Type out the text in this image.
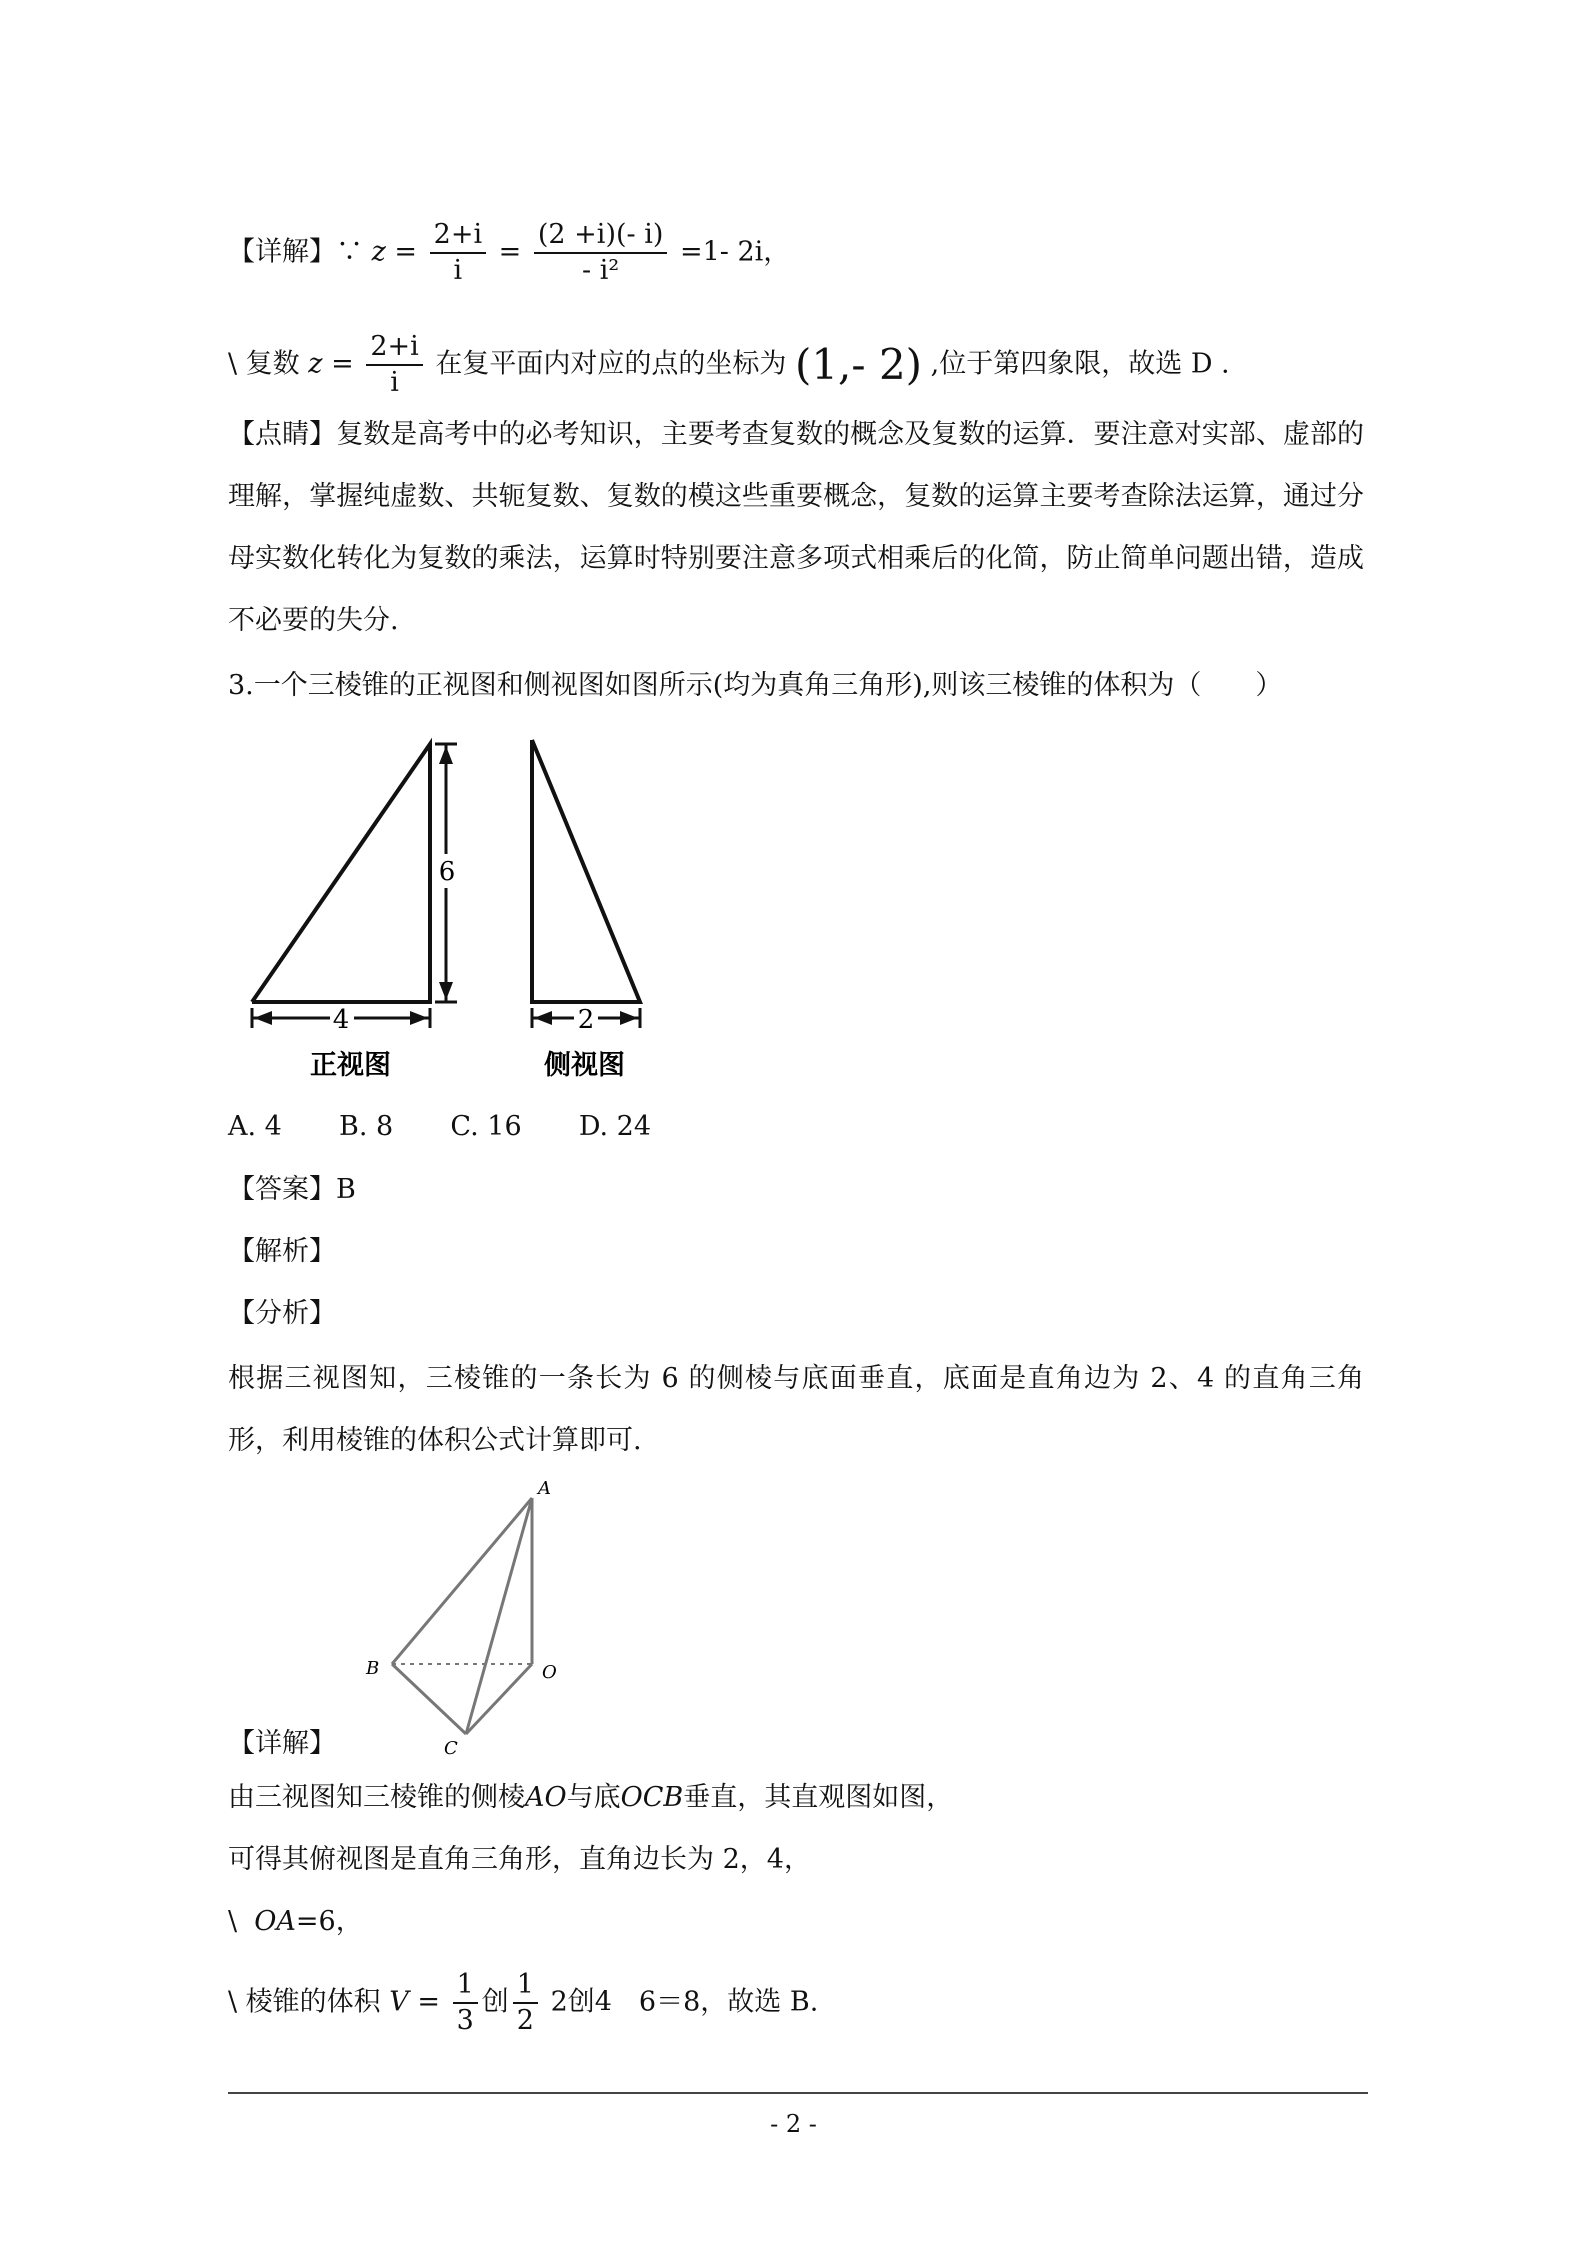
【详解】∵ $z = \frac{2+i}{i} = \frac{(2 +i)(- i)}{\text{- i²}} =1-$ 2i，
\ 复数 $z = \frac{2+i}{i}$ 在复平面内对应的点的坐标为 (1,- 2) ,位于第四象限，故选 D .
【点睛】复数是高考中的必考知识，主要考查复数的概念及复数的运算．要注意对实部、虚部的理解，掌握纯虚数、共轭复数、复数的模这些重要概念，复数的运算主要考查除法运算，通过分母实数化转化为复数的乘法，运算时特别要注意多项式相乘后的化简，防止简单问题出错，造成不必要的失分.
3.一个三棱锥的正视图和侧视图如图所示(均为真角三角形),则该三棱锥的体积为（　　）
6
4	2
正视图	侧视图
A. 4 B. 8 C. 16 D. 24
【答案】B
【解析】
【分析】
根据三视图知，三棱锥的一条长为 6 的侧棱与底面垂直，底面是直角边为 2、4 的直角三角形，利用棱锥的体积公式计算即可.
A
B	O
C
【详解】
由三视图知三棱锥的侧棱AO与底OCB垂直，其直观图如图，
可得其俯视图是直角三角形，直角边长为 2，4，
\ OA=6，
\ 棱锥的体积 $V = \frac{1}{3}$ 创 $\frac{1}{2} 2$创4　6＝8，故选 B.
- 2 -
